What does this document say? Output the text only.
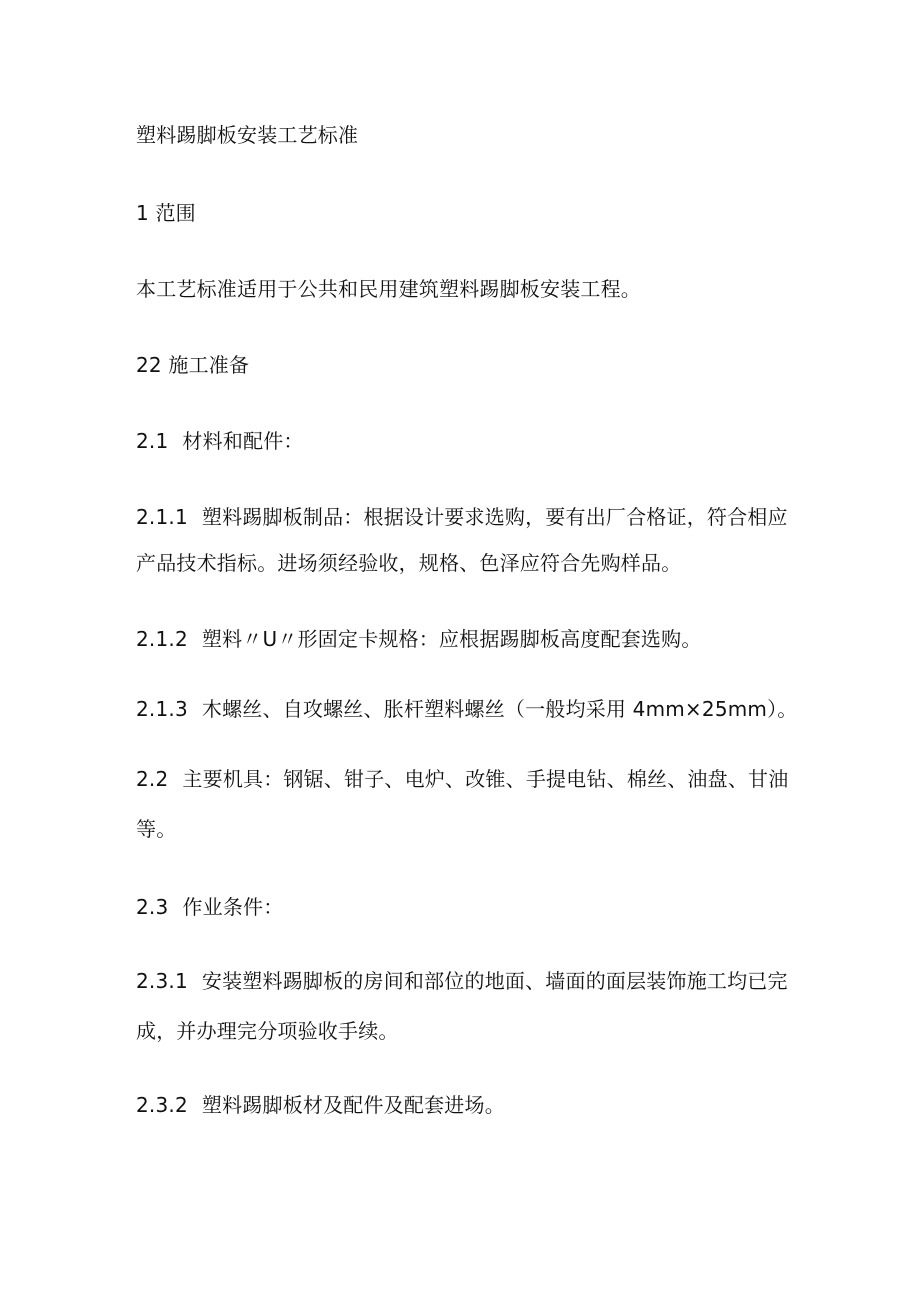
塑料踢脚板安装工艺标准

1 范围

本工艺标准适用于公共和民用建筑塑料踢脚板安装工程。

22 施工准备

2.1 材料和配件：

2.1.1 塑料踢脚板制品：根据设计要求选购，要有出厂合格证，符合相应

产品技术指标。进场须经验收，规格、色泽应符合先购样品。

2.1.2 塑料〃U〃形固定卡规格：应根据踢脚板高度配套选购。

2.1.3 木螺丝、自攻螺丝、胀杆塑料螺丝（一般均采用 4mm×25mm）。

2.2 主要机具：钢锯、钳子、电炉、改锥、手提电钻、棉丝、油盘、甘油

等。

2.3 作业条件：

2.3.1 安装塑料踢脚板的房间和部位的地面、墙面的面层装饰施工均已完

成，并办理完分项验收手续。

2.3.2 塑料踢脚板材及配件及配套进场。
